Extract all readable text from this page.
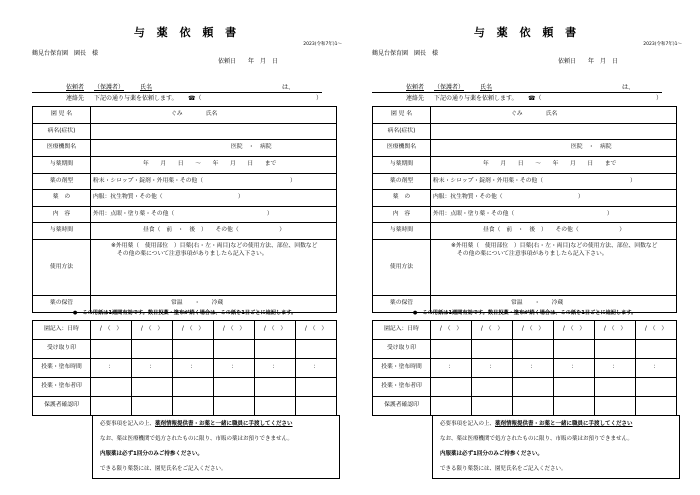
与 薬 依 頼 書
2023(令和7年)1～
鶴見台保育園　園長　様
依頼日　　年　月　日
依頼者 （保護者）	氏名	は、
連絡先 下記の通り与薬を依頼します。 ☎（	）
園 児 名	ぐみ　　　　氏名
病名(症状)	
医療機関名	医院　・　病院
与薬期間	年　　月　　日　　～　　年　　月　　日　　まで
薬の剤型	粉末・シロップ・錠剤・外用薬・その他（　　　　　　　　　　　　　　　）
薬　の	内服：抗生物質・その他（　　　　　　　　　　　　　）
内　容	外用：点眼・塗り薬・その他（　　　　　　　　　　　　　　　　）
与薬時間	昼食（　前　・　後　）　　その他（　　　　　　　）
使用方法	※外用薬（　使用部位　）目薬(右・左・両目)などの使用方法、部位、回数など
その他の薬について注意事項がありましたら記入下さい。

薬の保管	常温　　・　　冷蔵
●　この用紙は1週間有効です。数日投薬・塗布が続く場合は、この紙を1日ごとに追記します。
園記入：日時	/　（　）	/　（　）	/　（　）	/　（　）	/　（　）	/　（　）
受け取り印						
投薬・塗布時間	：	：	：	：	：	：
投薬・塗布者印						
保護者確認印						
必要事項を記入の上、薬剤情報提供書・お薬と一緒に職員に手渡してください
なお、薬は医療機関で処方されたものに限り、市販の薬はお預りできません。
内服薬は必ず1回分のみご持参ください。
できる限り薬袋には、園児氏名をご記入ください。
与 薬 依 頼 書
2023(令和7年)1～
鶴見台保育園　園長　様
依頼日　　年　月　日
依頼者 （保護者）	氏名	は、
連絡先 下記の通り与薬を依頼します。 ☎（	）
園 児 名	ぐみ　　　　氏名
病名(症状)	
医療機関名	医院　・　病院
与薬期間	年　　月　　日　　～　　年　　月　　日　　まで
薬の剤型	粉末・シロップ・錠剤・外用薬・その他（　　　　　　　　　　　　　　　）
薬　の	内服：抗生物質・その他（　　　　　　　　　　　　　）
内　容	外用：点眼・塗り薬・その他（　　　　　　　　　　　　　　　　）
与薬時間	昼食（　前　・　後　）　　その他（　　　　　　　）
使用方法	※外用薬（　使用部位　）目薬(右・左・両目)などの使用方法、部位、回数など
その他の薬について注意事項がありましたら記入下さい。

薬の保管	常温　　・　　冷蔵
●　この用紙は1週間有効です。数日投薬・塗布が続く場合は、この紙を1日ごとに追記します。
園記入：日時	/　（　）	/　（　）	/　（　）	/　（　）	/　（　）	/　（　）
受け取り印						
投薬・塗布時間	：	：	：	：	：	：
投薬・塗布者印						
保護者確認印						
必要事項を記入の上、薬剤情報提供書・お薬と一緒に職員に手渡してください
なお、薬は医療機関で処方されたものに限り、市販の薬はお預りできません。
内服薬は必ず1回分のみご持参ください。
できる限り薬袋には、園児氏名をご記入ください。
